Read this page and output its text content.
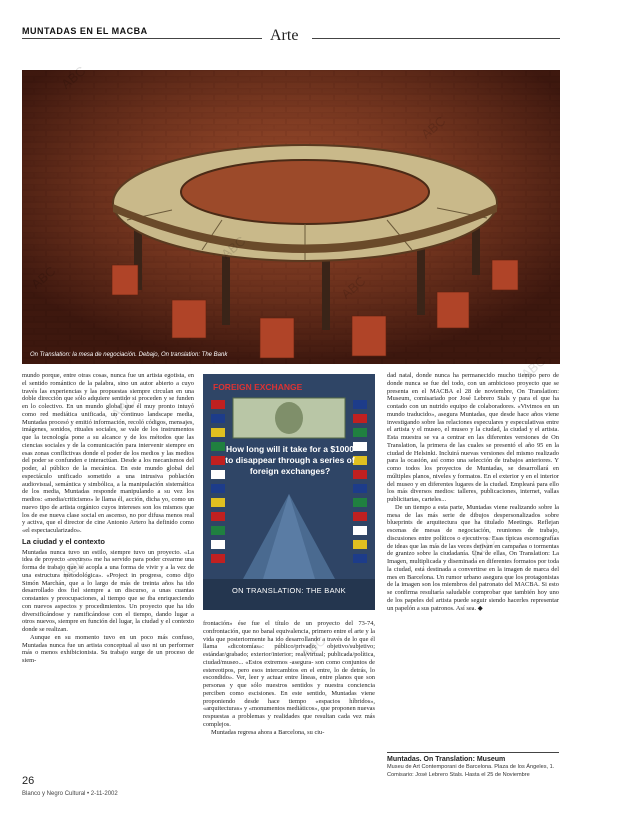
MUNTADAS EN EL MACBA	Arte
On Translation: la mesa de negociación. Debajo, On translation: The Bank

mundo porque, entre otras cosas, nunca fue un artista egotista, en el sentido romántico de la palabra, sino un autor abierto a cuyo través las experiencias y las propuestas siempre circulan en una doble dirección que sólo adquiere sentido si proceden y se funden en lo colectivo. En un mundo global que él muy pronto intuyó como red mediática unificada, un continuo landscape media, Muntadas procesó y emitió información, recoló códigos, mensajes, imágenes, sonidos, rituales sociales, se vale de los instrumentos que la tecnología pone a su alcance y de los métodos que las ciencias sociales y de la comunicación para intervenir siempre en esas zonas conflictivas donde el poder de los medios y las medios del poder se confunden e interactúan. Desde a los mecanismos del poder, al público de la mecánica. En este mundo global del espectáculo unificado sometido a una intrusiva población audiovisual, semántica y simbólica, a la manipulación sistemática de los media, Muntadas responde manipulando a su vez los medios: «media/criticismo» le llama él, acción, dicha yo, como un nuevo tipo de artista orgánico cuyos intereses son los mismos que los de ese nueva clase social en ascenso, no por difusa menos real y activa, que el director de cine Antonio Artero ha definido como «el espectacularizado».

La ciudad y el contexto

Muntadas nunca tuvo un estilo, siempre tuvo un proyecto. «La idea de proyecto «recurso» me ha servido para poder crearme una forma de trabajo que se acopla a una forma de vivir y a la vez de una estructura metodológica». «Project in progress, como dijo Simón Marchán, que a lo largo de más de treinta años ha ido desarrollado dos fiel siempre a un discurso, a unas cuantas constantes y preocupaciones, al tiempo que se iba enriqueciendo con nuevos aspectos y procedimientos. Un proyecto que ha ido diversificándose y ramificándose con el tiempo, dando lugar a otros nuevos, siempre en función del lugar, la ciudad y el contexto donde se realizan.

Aunque en su momento tuvo en un poco más confuso, Muntadas nunca fue un artista conceptual al uso ni un performer más o menos exhibicionista. Su trabajo surge de un proceso de siem-

FOREIGN EXCHANGE
How long will it take for a $1000 to disappear through a series of foreign exchanges?
ON TRANSLATION: THE BANK

frontación» ése fue el título de un proyecto del 73-74, confrontación, que no banal equivalencia, primero entre el arte y la vida que posteriormente ha ido desarrollando a través de lo que él llama «dicotomías»: público/privado; objetivo/subjetivo; estándar/grabado; exterior/interior; real/virtual; publicada/política, ciudad/museo... «Estos extremos -asegura- son como conjuntos de estereotipos, pero esos intercambios en el entre, lo de detrás, lo escondido». Ver, leer y actuar entre líneas, entre planos que son personas y que sólo nuestros sentidos y nuestra conciencia perciben como escisiones. En este sentido, Muntadas viene proponiendo desde hace tiempo «espacios híbridos», «arquitecturas» y «monumentos mediáticos», que proponen nuevas respuestas a problemas y realidades que resultan cada vez más complejos.

Muntadas regresa ahora a Barcelona, su ciu-

dad natal, donde nunca ha permanecido mucho tiempo pero de donde nunca se fue del todo, con un ambicioso proyecto que se presenta en el MACBA el 28 de noviembre, On Translation: Museum, comisariado por José Lebrero Stals y para el que ha contado con un nutrido equipo de colaboradores. «Vivimos en un mundo traducido», asegura Muntadas, que desde hace años viene investigando sobre las relaciones especulares y especulativas entre el artista y el museo, el museo y la ciudad, la ciudad y el artista. Esta muestra se va a centrar en las diferentes versiones de On Translation, la primera de las cuales se presentó el año 95 en la ciudad de Helsinki. Incluirá nuevas versiones del mismo realizado para la ocasión, así como una selección de trabajos anteriores. Y como todos los proyectos de Muntadas, se desarrollará en múltiples planos, niveles y formatos. En el exterior y en el interior del museo y en diferentes lugares de la ciudad. Empleará para ello los más diversos medios: talleres, publicaciones, internet, vallas publicitarias, carteles...

De un tiempo a esta parte, Muntadas viene realizando sobre la mesa de las más serie de dibujos despersonalizados sobre blueprints de arquitectura que ha titulado Meetings. Reflejan escenas de mesas de negociación, reuniones de trabajo, discusiones entre políticos o ejecutivos. Esas típicas escenografías de ideas que las más de las veces derivan en campañas o tormentas de granizo sobre la ciudadanía. Una de ellas, On Translation: La Imagen, multiplicada y diseminada en diferentes formatos por toda la ciudad, está destinada a convertirse en la imagen de marca del mes en Barcelona. Un rumor urbano asegura que los protagonistas de la imagen son los miembros del patronato del MACBA. Si esto se confirma resultaría saludable comprobar que también hoy uno de los papeles del artista puede seguir siendo hacerles representar un papelón a sus patronos. Así sea. ◆

Muntadas. On Translation: Museum
Museu de Art Contemporani de Barcelona. Plaza de los Ángeles, 1. Comisario: José Lebrero Stals. Hasta el 25 de Noviembre
26
Blanco y Negro Cultural • 2-11-2002
ABC
ABC
ABC
ABC
ABC
